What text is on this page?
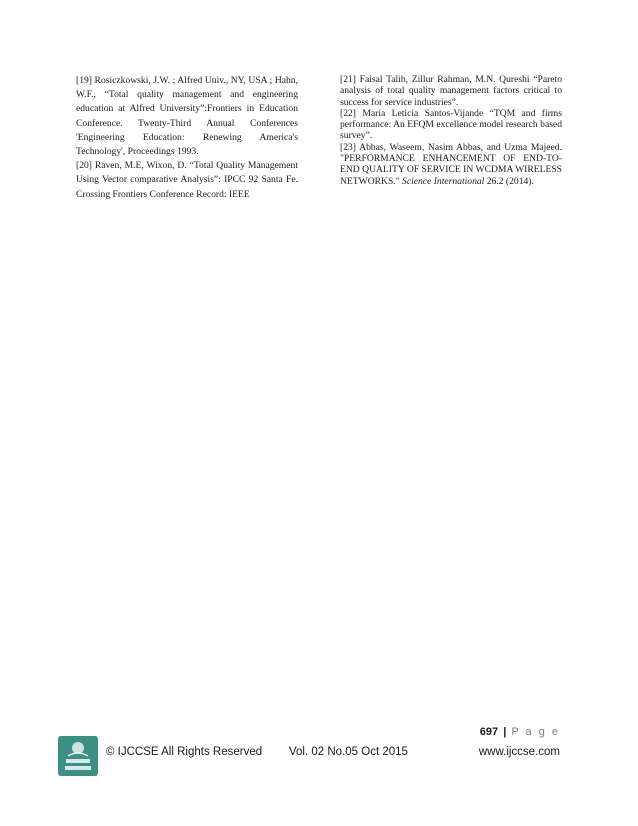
[19] Rosiczkowski, J.W. ; Alfred Univ., NY, USA ; Hahn, W.F., “Total quality management and engineering education at Alfred University”:Frontiers in Education Conference. Twenty-Third Annual Conferences 'Engineering Education: Renewing America's Technology', Proceedings 1993.

[20] Raven, M.E, Wixon, D. “Total Quality Management Using Vector comparative Analysis”: IPCC 92 Santa Fe. Crossing Frontiers Conference Record: IEEE

[21] Faisal Talib, Zillur Rahman, M.N. Qureshi “Pareto analysis of total quality management factors critical to success for service industries”.

[22] Maria Leticia Santos-Vijande “TQM and firms performance: An EFQM excellence model research based survey”.

[23] Abbas, Waseem, Nasim Abbas, and Uzma Majeed. "PERFORMANCE ENHANCEMENT OF END-TO-END QUALITY OF SERVICE IN WCDMA WIRELESS NETWORKS." Science International 26.2 (2014).

697 | P a g e
© IJCCSE All Rights Reserved Vol. 02 No.05 Oct 2015	www.ijccse.com
